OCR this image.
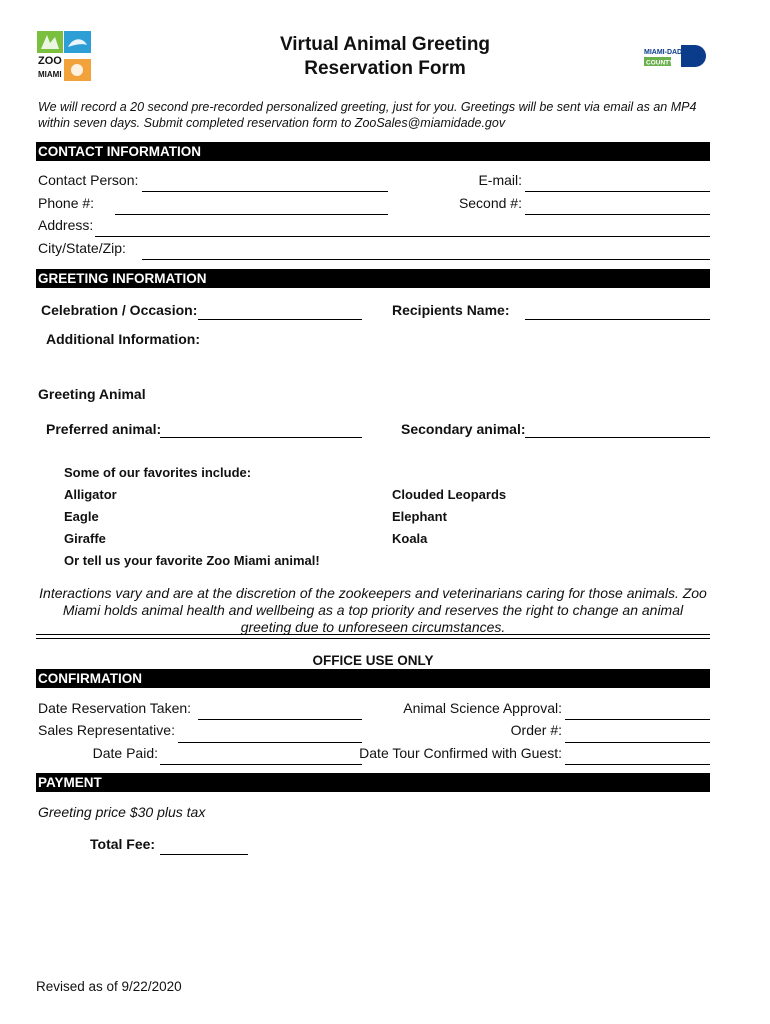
ZOO
MIAMI
MIAMI-DADE
COUNTY
Virtual Animal Greeting
Reservation Form
We will record a 20 second pre-recorded personalized greeting, just for you. Greetings will be sent via email as an MP4 within seven days. Submit completed reservation form to ZooSales@miamidade.gov
CONTACT INFORMATION
Contact Person:	E-mail:
Phone #:	Second #:
Address:
City/State/Zip:
GREETING INFORMATION
Celebration / Occasion:	Recipients Name:
Additional Information:
Greeting Animal
Preferred animal:	Secondary animal:
Some of our favorites include:
Alligator	Clouded Leopards
Eagle	Elephant
Giraffe	Koala
Or tell us your favorite Zoo Miami animal!
Interactions vary and are at the discretion of the zookeepers and veterinarians caring for those animals. Zoo Miami holds animal health and wellbeing as a top priority and reserves the right to change an animal greeting due to unforeseen circumstances.
OFFICE USE ONLY
CONFIRMATION
Date Reservation Taken:	Animal Science Approval:
Sales Representative:	Order #:
Date Paid:	Date Tour Confirmed with Guest:
PAYMENT
Greeting price $30 plus tax
Total Fee:
Revised as of 9/22/2020
